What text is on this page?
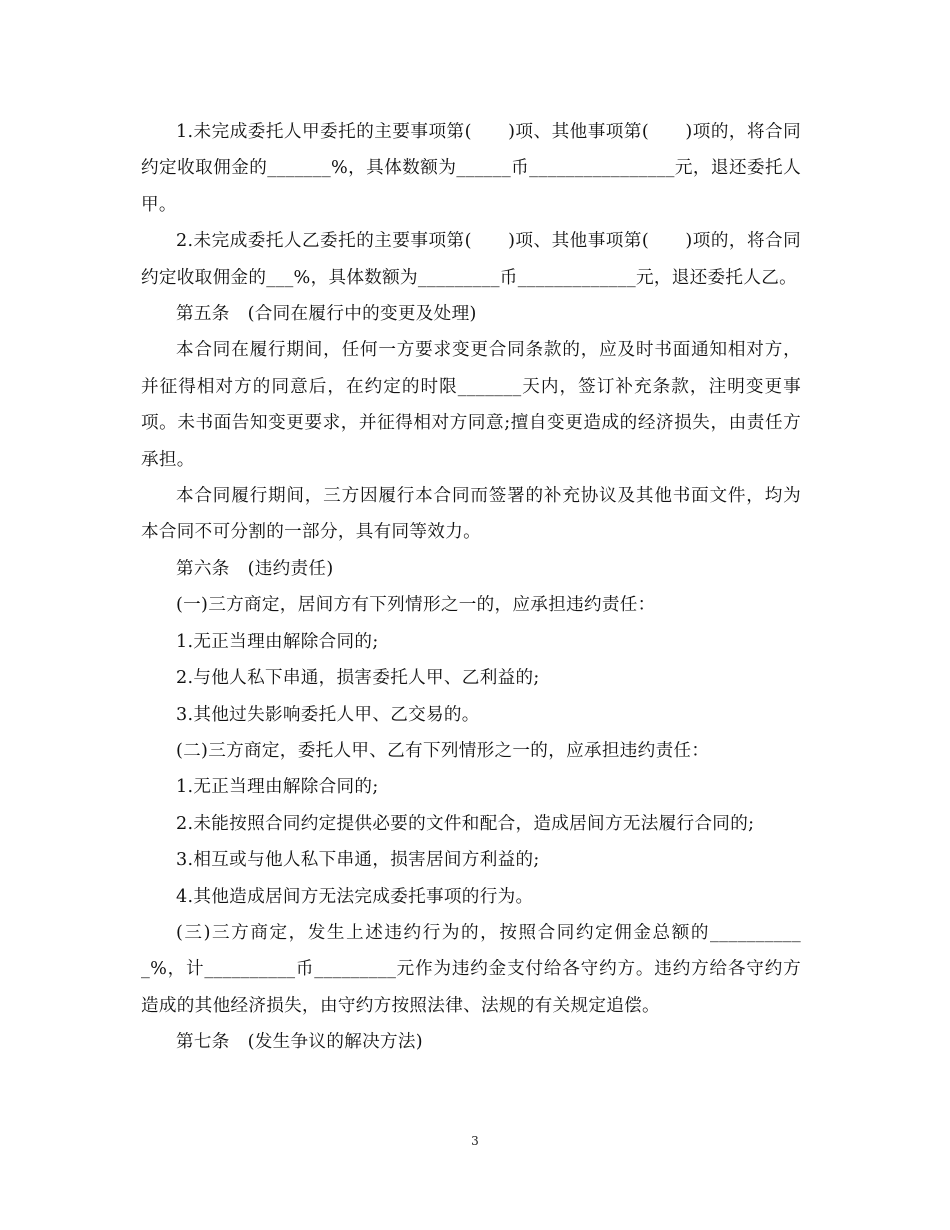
1.未完成委托人甲委托的主要事项第(　　)项、其他事项第(　　)项的，将合同约定收取佣金的_______%，具体数额为______币________________元，退还委托人甲。

2.未完成委托人乙委托的主要事项第(　　)项、其他事项第(　　)项的，将合同约定收取佣金的___%，具体数额为_________币_____________元，退还委托人乙。

第五条　(合同在履行中的变更及处理)

本合同在履行期间，任何一方要求变更合同条款的，应及时书面通知相对方，并征得相对方的同意后，在约定的时限_______天内，签订补充条款，注明变更事项。未书面告知变更要求，并征得相对方同意;擅自变更造成的经济损失，由责任方承担。

本合同履行期间，三方因履行本合同而签署的补充协议及其他书面文件，均为本合同不可分割的一部分，具有同等效力。

第六条　(违约责任)

(一)三方商定，居间方有下列情形之一的，应承担违约责任：

1.无正当理由解除合同的;

2.与他人私下串通，损害委托人甲、乙利益的;

3.其他过失影响委托人甲、乙交易的。

(二)三方商定，委托人甲、乙有下列情形之一的，应承担违约责任：

1.无正当理由解除合同的;

2.未能按照合同约定提供必要的文件和配合，造成居间方无法履行合同的;

3.相互或与他人私下串通，损害居间方利益的;

4.其他造成居间方无法完成委托事项的行为。

(三)三方商定，发生上述违约行为的，按照合同约定佣金总额的___________%，计__________币_________元作为违约金支付给各守约方。违约方给各守约方造成的其他经济损失，由守约方按照法律、法规的有关规定追偿。

第七条　(发生争议的解决方法)

3
